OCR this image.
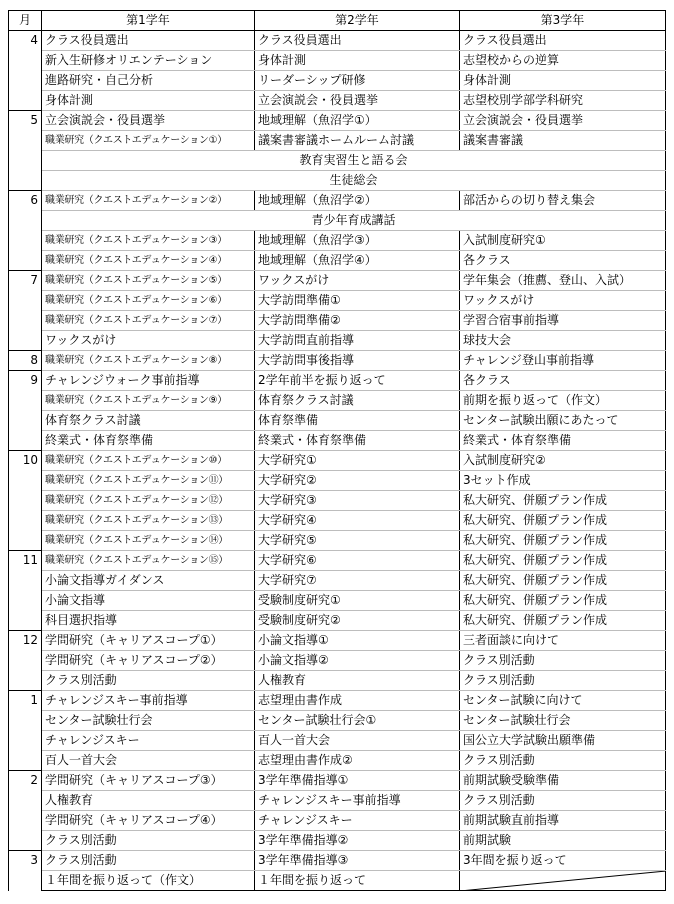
月	第1学年	第2学年	第3学年
4	クラス役員選出	クラス役員選出	クラス役員選出
	新入生研修オリエンテーション	身体計測	志望校からの逆算
	進路研究・自己分析	リーダーシップ研修	身体計測
	身体計測	立会演説会・役員選挙	志望校別学部学科研究
5	立会演説会・役員選挙	地域理解（魚沼学①）	立会演説会・役員選挙
	職業研究（クエストエデュケーション①）	議案書審議ホームルーム討議	議案書審議
	教育実習生と語る会		
	生徒総会		
6	職業研究（クエストエデュケーション②）	地域理解（魚沼学②）	部活からの切り替え集会
	青少年育成講話		
	職業研究（クエストエデュケーション③）	地域理解（魚沼学③）	入試制度研究①
	職業研究（クエストエデュケーション④）	地域理解（魚沼学④）	各クラス
7	職業研究（クエストエデュケーション⑤）	ワックスがけ	学年集会（推薦、登山、入試）
	職業研究（クエストエデュケーション⑥）	大学訪問準備①	ワックスがけ
	職業研究（クエストエデュケーション⑦）	大学訪問準備②	学習合宿事前指導
	ワックスがけ	大学訪問直前指導	球技大会
8	職業研究（クエストエデュケーション⑧）	大学訪問事後指導	チャレンジ登山事前指導
9	チャレンジウォーク事前指導	2学年前半を振り返って	各クラス
	職業研究（クエストエデュケーション⑨）	体育祭クラス討議	前期を振り返って（作文）
	体育祭クラス討議	体育祭準備	センター試験出願にあたって
	終業式・体育祭準備	終業式・体育祭準備	終業式・体育祭準備
10	職業研究（クエストエデュケーション⑩）	大学研究①	入試制度研究②
	職業研究（クエストエデュケーション⑪）	大学研究②	3セット作成
	職業研究（クエストエデュケーション⑫）	大学研究③	私大研究、併願プラン作成
	職業研究（クエストエデュケーション⑬）	大学研究④	私大研究、併願プラン作成
	職業研究（クエストエデュケーション⑭）	大学研究⑤	私大研究、併願プラン作成
11	職業研究（クエストエデュケーション⑮）	大学研究⑥	私大研究、併願プラン作成
	小論文指導ガイダンス	大学研究⑦	私大研究、併願プラン作成
	小論文指導	受験制度研究①	私大研究、併願プラン作成
	科目選択指導	受験制度研究②	私大研究、併願プラン作成
12	学問研究（キャリアスコープ①）	小論文指導①	三者面談に向けて
	学問研究（キャリアスコープ②）	小論文指導②	クラス別活動
	クラス別活動	人権教育	クラス別活動
1	チャレンジスキー事前指導	志望理由書作成	センター試験に向けて
	センター試験壮行会	センター試験壮行会①	センター試験壮行会
	チャレンジスキー	百人一首大会	国公立大学試験出願準備
	百人一首大会	志望理由書作成②	クラス別活動
2	学問研究（キャリアスコープ③）	3学年準備指導①	前期試験受験準備
	人権教育	チャレンジスキー事前指導	クラス別活動
	学問研究（キャリアスコープ④）	チャレンジスキー	前期試験直前指導
	クラス別活動	3学年準備指導②	前期試験
3	クラス別活動	3学年準備指導③	3年間を振り返って
	１年間を振り返って（作文）	１年間を振り返って	
